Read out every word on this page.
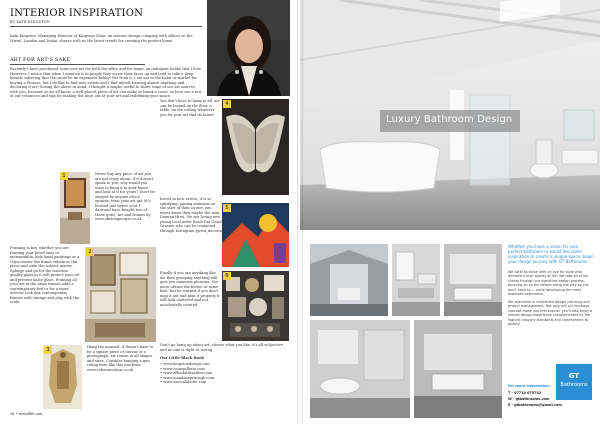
INTERIOR INSPIRATION
BY KATE KINGSTON
Kate Kingston, Managing Director of Kingston Shaw, an interior design company with offices on the Wirral, London and Dubai, shares with us the latest trends for creating the perfect home.
ART FOR ART'S SAKE
Recently I have purchased some new art for both the office and for home, an indulgent hobby that I love. However, I notice that when I mention it to people they screw their faces up and tend to take a deep breath, inferring that this must be an expensive hobby! Far from it, I am not in the habit or market for buying a Picasso, but I do like to find new artists and I find myself forming almost anything and declaring it art! Seeing the above in mind, I thought it maybe useful to share some of our art sources with you, because as we all know, a well placed piece of art can make or break a room, so here are a few of our resources and tips for making the most out of your art and redefining your space.
1	Never buy any piece of art you are not crazy about, if it doesn't speak to you, why would you want to hang it in your home and look at it for years? Don't be swayed by anyone else's opinion; trust your art gut (it's located just below your 1 daresaid have bought two of those guts). Art and frames by www.sketchgeorgie.co.uk
Framing is key, whether you are framing your loved ones or memorabilia, kids hand paintings or a Goya ensure the frame enhances the piece and suits the subject matter. Splurge and go for the museum quality glass as it will protect your art and prevent nasty glare. Framing all your art in the same frames adds a contemporary feel or for a more eclectic look mix contemporary frames with vintage and play with the scale.
2
3	Hang the unusual, it doesn't have to be a square piece of canvas or a photograph, art comes in all shapes and sizes. Consider hanging a gun rating here like this one from www.roberneedson.co.uk
You don't have to hang at all, art can be leaned on the floor, a table, on the ceiling whatever you let your art find its home!
4
Invest in new artists, it is so satisfying, joining someone on the start of their career, you never know they maybe the next Damien Hirst. We are loving new young local artist Rosie Dia Costa Graeme who can be contacted through Instagram @rosi_docosta
5
Finally if you are anything like me then grouping anything will give you immense pleasure, the more obtuse the better, at some best, but be warned if you don't map it out and plan it properly it will look cluttered and not accidentally curated.
6
Don't go hung up about art, choose what you like, it's all subjective and no one is right or wrong.
Our Little Black Book
• www.kingstondesign.com
• www.rosiegallerie.com
• www.affordableartfair.com
• www.mandanoprintsgb.com
• www.sonicalaborie.com
56 • wirrallife.com
Luxury Bathroom Design
Whether you have a vision for your perfect bathroom or would like some inspiration to create a unique space, begin your design journey with GT Bathrooms.
We cater to those with an eye for style who demand a high quality of life. We take all of our clients through our signature design process, focusing on all the details along the way so you don't have to — while developing the most exquisite bathrooms.
We specialise in residential design planning and project management. Not only will our boutique concept make you feel special, you'll also enjoy a shared design experience complemented by the highest industry standards and commitment to quality.
For more information:
T - 07710 075702
W - gtbathrooms.com
E - gtbathrooms@gmail.com
GT
Bathrooms
